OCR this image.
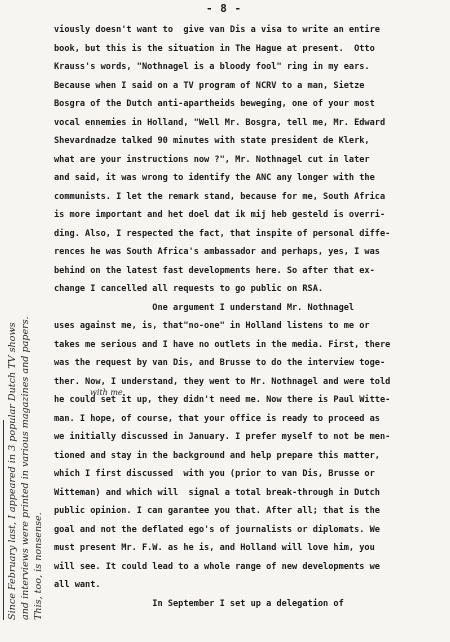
- 8 -
viously doesn't want to  give van Dis a visa to write an entire
book, but this is the situation in The Hague at present.  Otto
Krauss's words, "Nothnagel is a bloody fool" ring in my ears.
Because when I said on a TV program of NCRV to a man, Sietze
Bosgra of the Dutch anti-apartheids beweging, one of your most
vocal ennemies in Holland, "Well Mr. Bosgra, tell me, Mr. Edward
Shevardnadze talked 90 minutes with state president de Klerk,
what are your instructions now ?", Mr. Nothnagel cut in later
and said, it was wrong to identify the ANC any longer with the
communists. I let the remark stand, because for me, South Africa
is more important and het doel dat ik mij heb gesteld is overri-
ding. Also, I respected the fact, that inspite of personal diffe-
rences he was South Africa's ambassador and perhaps, yes, I was
behind on the latest fast developments here. So after that ex-
change I cancelled all requests to go public on RSA.
One argument I understand Mr. Nothnagel
uses against me, is, that"no-one" in Holland listens to me or
takes me serious and I have no outlets in the media. First, there
was the request by van Dis, and Brusse to do the interview toge-
ther. Now, I understand, they went to Mr. Nothnagel and were told
he could set it up, they didn't need me. Now there is Paul Witte-
man. I hope, of course, that your office is ready to proceed as
we initially discussed in January. I prefer myself to not be men-
tioned and stay in the background and help prepare this matter,
which I first discussed  with you (prior to van Dis, Brusse or
Witteman) and which will  signal a total break-through in Dutch
public opinion. I can garantee you that. After all; that is the
goal and not the deflated ego's of journalists or diplomats. We
must present Mr. F.W. as he is, and Holland will love him, you
will see. It could lead to a whole range of new developments we
all want.
In September I set up a delegation of
with me.
Since February last, I appeared in 3 popular Dutch TV shows and interviews were printed in various magazines and papers. This, too, is nonsense.
